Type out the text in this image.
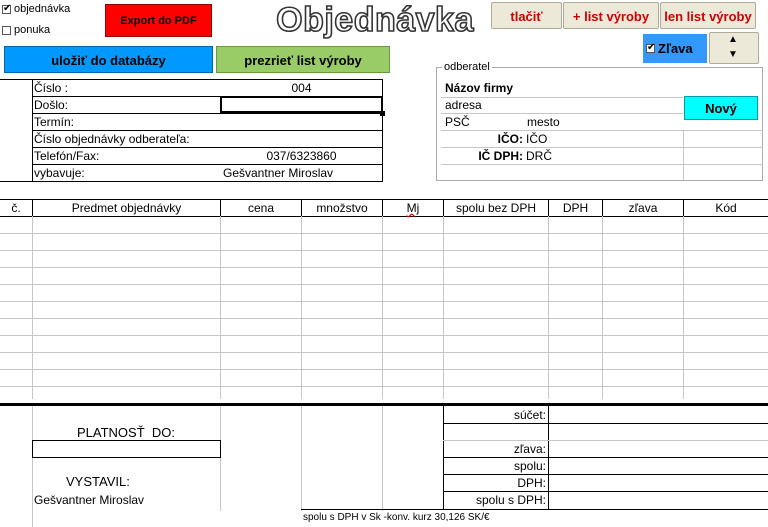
✔ objednávka
ponuka
Export do PDF	Objednávka	tlačiť	+ list výroby	len list výroby
✔ Zľava
▲
▼
uložiť do databázy	prezrieť list výroby
Číslo :	004
Došlo:
Termín:
Číslo objednávky odberateľa:
Telefón/Fax:	037/6323860
vybavuje:	Gešvantner Miroslav
odberatel
Názov firmy
adresa
PSČ	mesto
IČO: IČO
IČ DPH: DRČ
Nový
č.	Predmet objednávky	cena	množstvo	Mj	spolu bez DPH	DPH	zľava	Kód
súčet:
zľava:
spolu:
DPH:
spolu s DPH:
PLATNOSŤ  DO:
VYSTAVIL:
Gešvantner Miroslav
spolu s DPH v Sk -konv. kurz 30,126 SK/€
